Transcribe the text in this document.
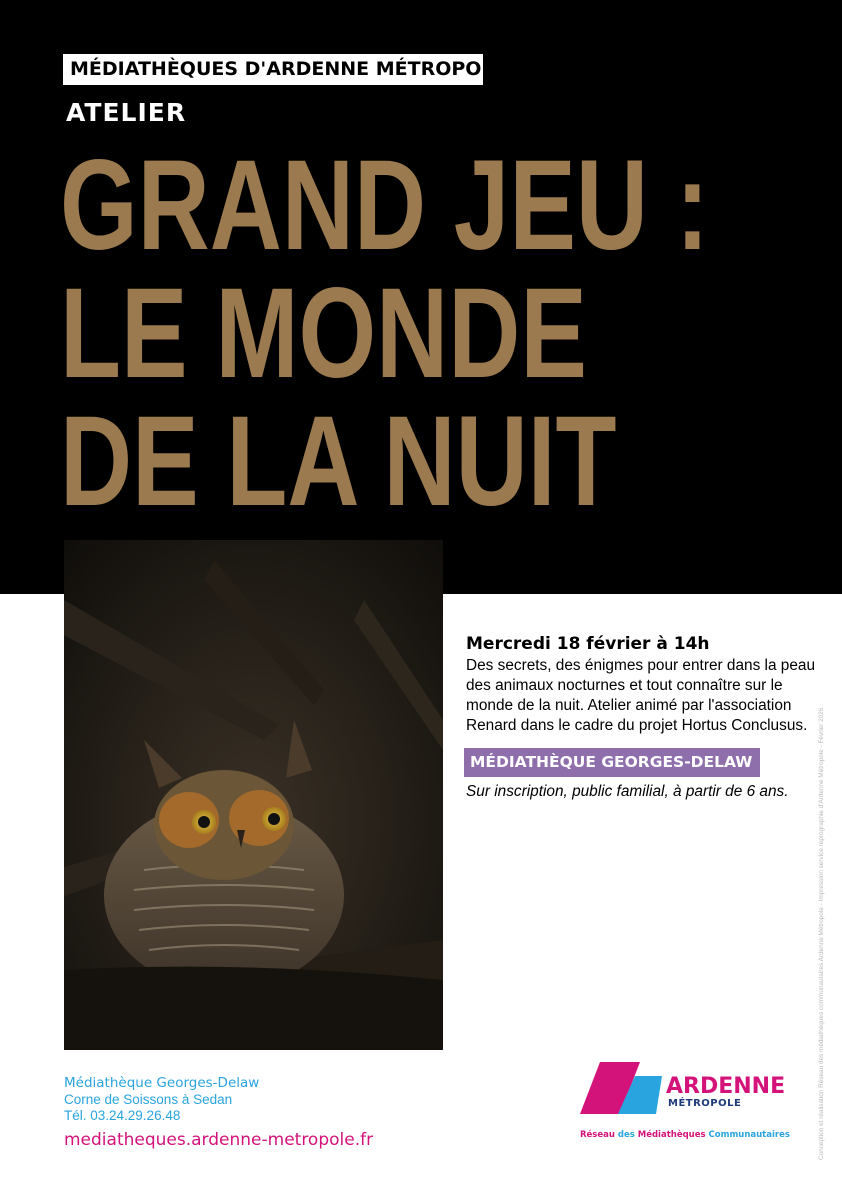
MÉDIATHÈQUES D'ARDENNE MÉTROPOLE
ATELIER
GRAND JEU :
LE MONDE
DE LA NUIT
Mercredi 18 février à 14h
Des secrets, des énigmes pour entrer dans la peau des animaux nocturnes et tout connaître sur le monde de la nuit. Atelier animé par l'association Renard dans le cadre du projet Hortus Conclusus.
MÉDIATHÈQUE GEORGES-DELAW
Sur inscription, public familial, à partir de 6 ans.	Conception et réalisation Réseau des médiathèques communautaires Ardenne Métropole - Impression service reprographie d'Ardenne Métropole - Février 2026
Médiathèque Georges-Delaw
Corne de Soissons à Sedan
Tél. 03.24.29.26.48
mediatheques.ardenne-metropole.fr
ARDENNE
MÉTROPOLE
Réseau des Médiathèques Communautaires
